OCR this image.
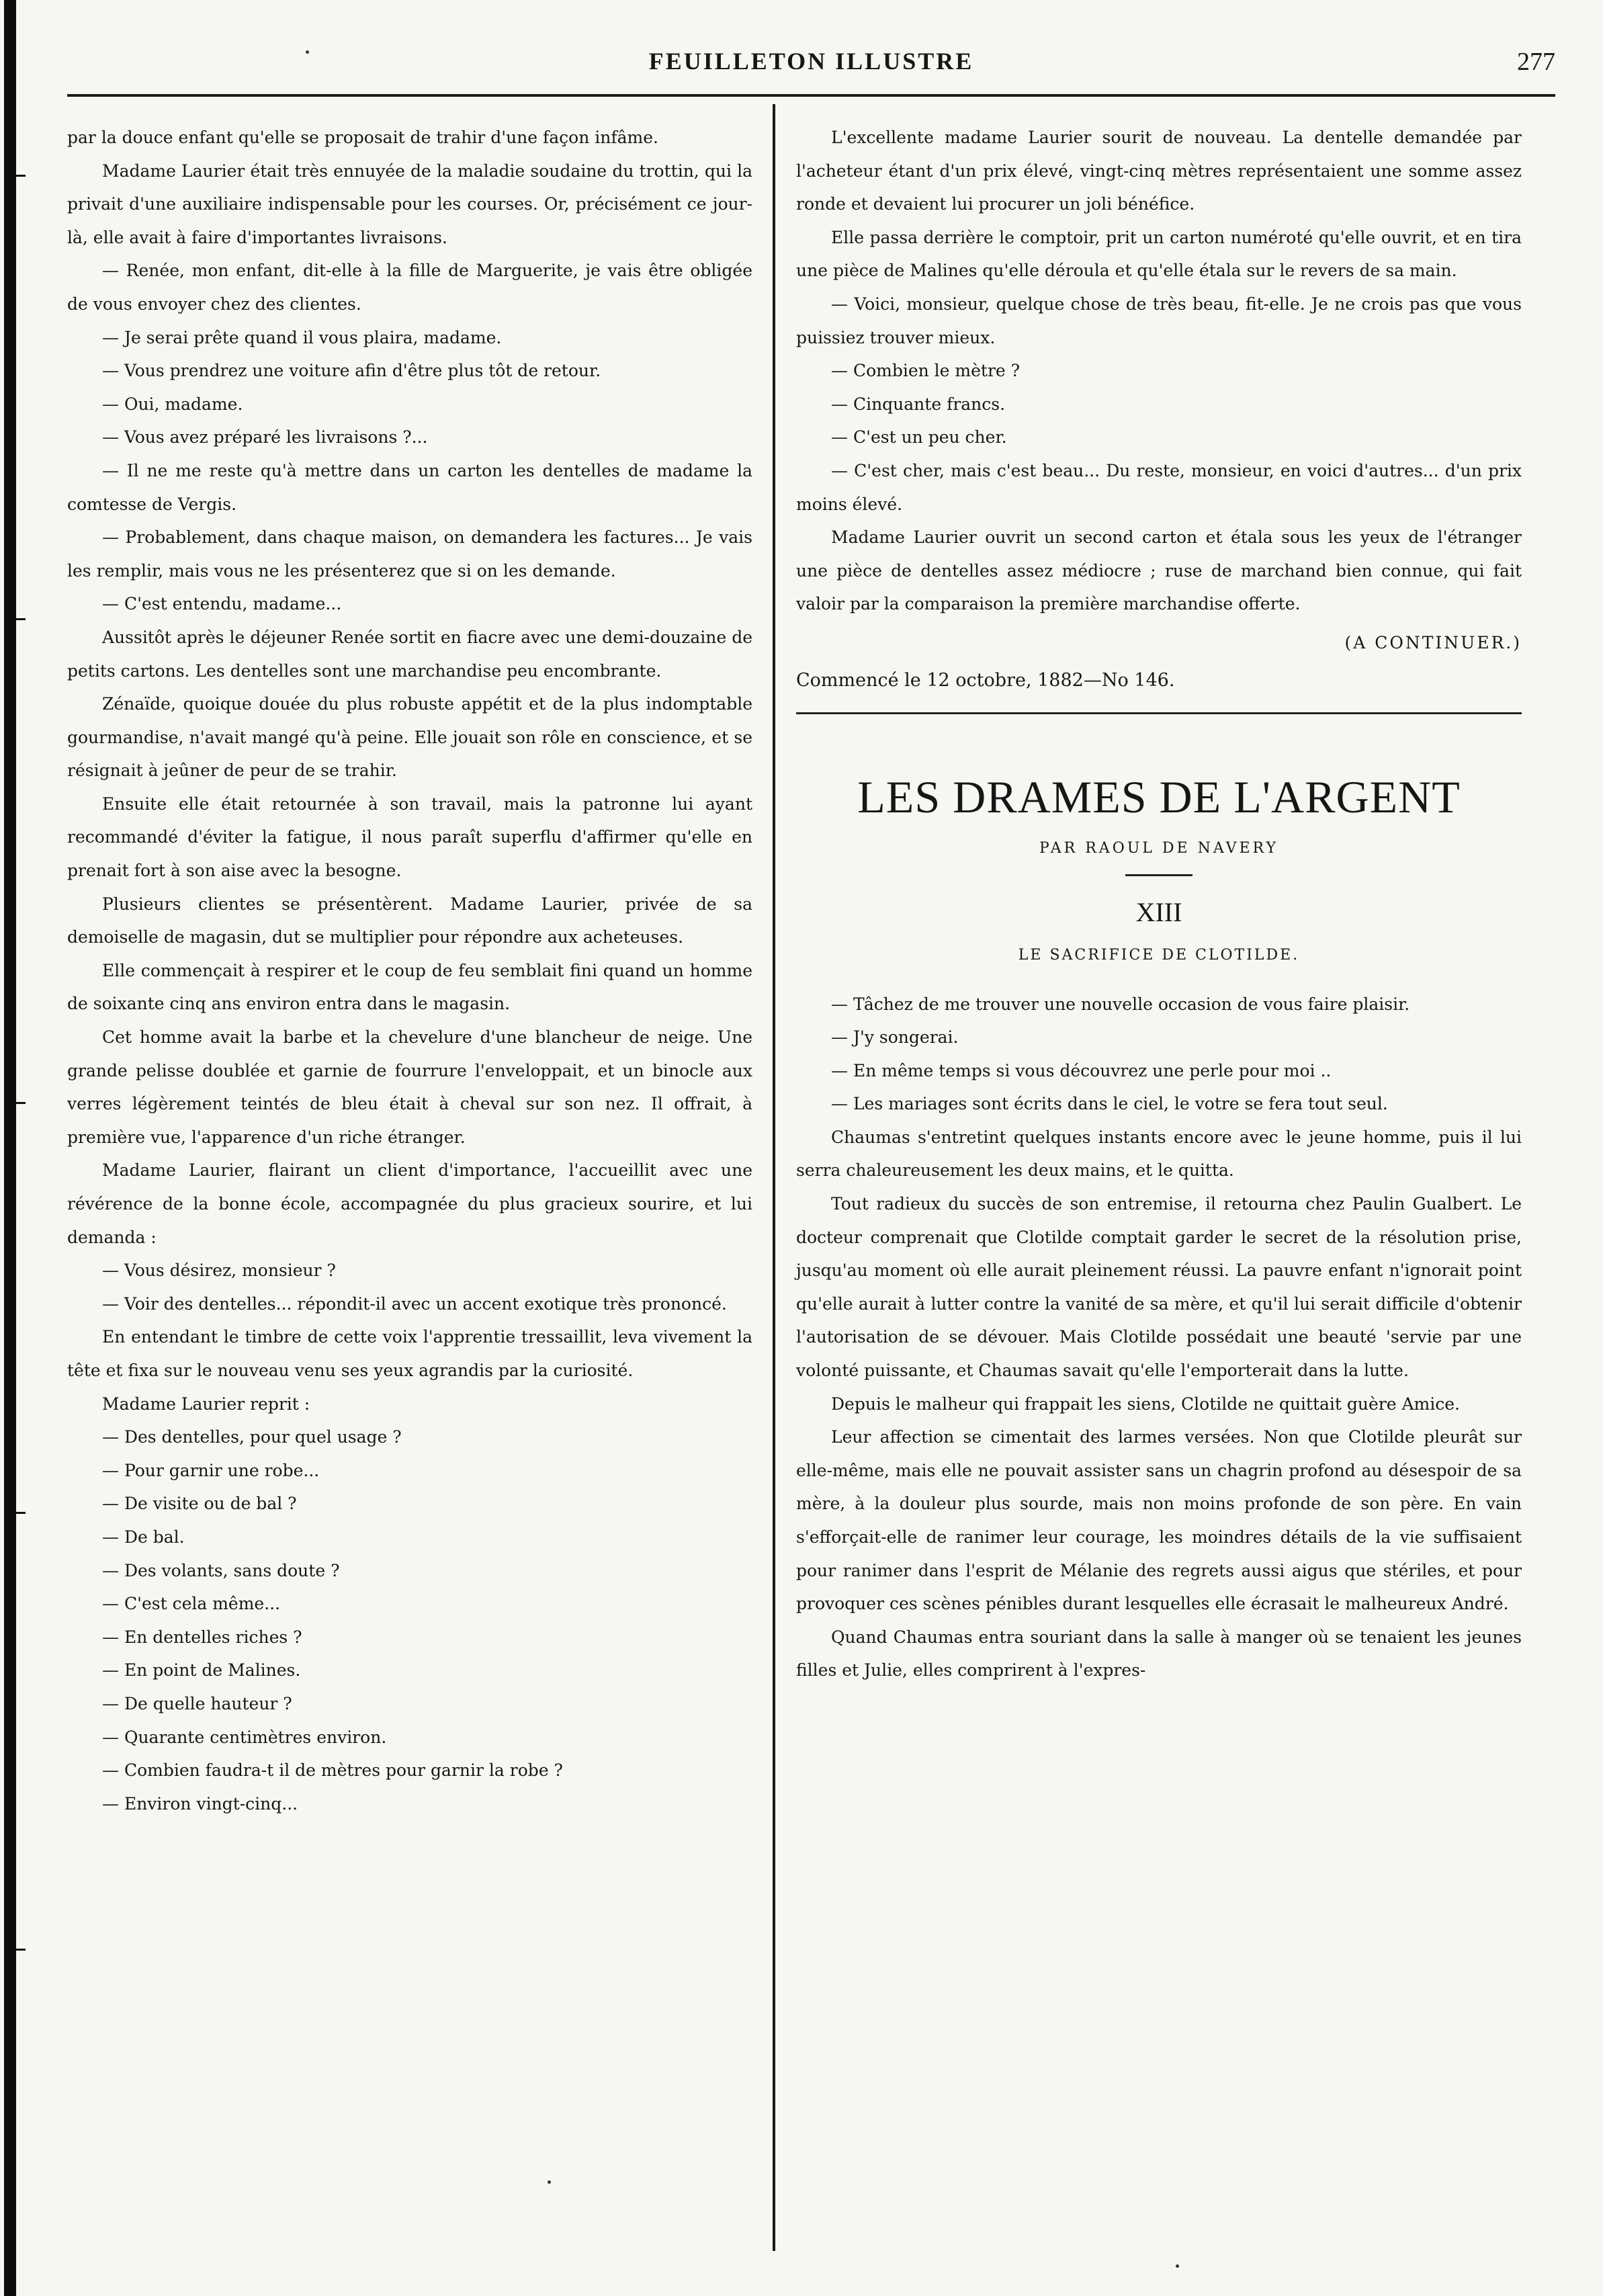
FEUILLETON ILLUSTRE	277

par la douce enfant qu'elle se proposait de trahir d'une façon infâme.

Madame Laurier était très ennuyée de la maladie soudaine du trottin, qui la privait d'une auxiliaire indispensable pour les courses. Or, précisément ce jour-là, elle avait à faire d'importantes livraisons.

— Renée, mon enfant, dit-elle à la fille de Marguerite, je vais être obligée de vous envoyer chez des clientes.

— Je serai prête quand il vous plaira, madame.

— Vous prendrez une voiture afin d'être plus tôt de retour.

— Oui, madame.

— Vous avez préparé les livraisons ?...

— Il ne me reste qu'à mettre dans un carton les dentelles de madame la comtesse de Vergis.

— Probablement, dans chaque maison, on demandera les factures... Je vais les remplir, mais vous ne les présenterez que si on les demande.

— C'est entendu, madame...

Aussitôt après le déjeuner Renée sortit en fiacre avec une demi-douzaine de petits cartons. Les dentelles sont une marchandise peu encombrante.

Zénaïde, quoique douée du plus robuste appétit et de la plus indomptable gourmandise, n'avait mangé qu'à peine. Elle jouait son rôle en conscience, et se résignait à jeûner de peur de se trahir.

Ensuite elle était retournée à son travail, mais la patronne lui ayant recommandé d'éviter la fatigue, il nous paraît superflu d'affirmer qu'elle en prenait fort à son aise avec la besogne.

Plusieurs clientes se présentèrent. Madame Laurier, privée de sa demoiselle de magasin, dut se multiplier pour répondre aux acheteuses.

Elle commençait à respirer et le coup de feu semblait fini quand un homme de soixante cinq ans environ entra dans le magasin.

Cet homme avait la barbe et la chevelure d'une blancheur de neige. Une grande pelisse doublée et garnie de fourrure l'enveloppait, et un binocle aux verres légèrement teintés de bleu était à cheval sur son nez. Il offrait, à première vue, l'apparence d'un riche étranger.

Madame Laurier, flairant un client d'importance, l'accueillit avec une révérence de la bonne école, accompagnée du plus gracieux sourire, et lui demanda :

— Vous désirez, monsieur ?

— Voir des dentelles... répondit-il avec un accent exotique très prononcé.

En entendant le timbre de cette voix l'apprentie tressaillit, leva vivement la tête et fixa sur le nouveau venu ses yeux agrandis par la curiosité.

Madame Laurier reprit :

— Des dentelles, pour quel usage ?

— Pour garnir une robe...

— De visite ou de bal ?

— De bal.

— Des volants, sans doute ?

— C'est cela même...

— En dentelles riches ?

— En point de Malines.

— De quelle hauteur ?

— Quarante centimètres environ.

— Combien faudra-t il de mètres pour garnir la robe ?

— Environ vingt-cinq...

L'excellente madame Laurier sourit de nouveau. La dentelle demandée par l'acheteur étant d'un prix élevé, vingt-cinq mètres représentaient une somme assez ronde et devaient lui procurer un joli bénéfice.

Elle passa derrière le comptoir, prit un carton numéroté qu'elle ouvrit, et en tira une pièce de Malines qu'elle déroula et qu'elle étala sur le revers de sa main.

— Voici, monsieur, quelque chose de très beau, fit-elle. Je ne crois pas que vous puissiez trouver mieux.

— Combien le mètre ?

— Cinquante francs.

— C'est un peu cher.

— C'est cher, mais c'est beau... Du reste, monsieur, en voici d'autres... d'un prix moins élevé.

Madame Laurier ouvrit un second carton et étala sous les yeux de l'étranger une pièce de dentelles assez médiocre ; ruse de marchand bien connue, qui fait valoir par la comparaison la première marchandise offerte.

(A CONTINUER.)
Commencé le 12 octobre, 1882—No 146.
LES DRAMES DE L'ARGENT
PAR RAOUL DE NAVERY
XIII
LE SACRIFICE DE CLOTILDE.

— Tâchez de me trouver une nouvelle occasion de vous faire plaisir.

— J'y songerai.

— En même temps si vous découvrez une perle pour moi ..

— Les mariages sont écrits dans le ciel, le votre se fera tout seul.

Chaumas s'entretint quelques instants encore avec le jeune homme, puis il lui serra chaleureusement les deux mains, et le quitta.

Tout radieux du succès de son entremise, il retourna chez Paulin Gualbert. Le docteur comprenait que Clotilde comptait garder le secret de la résolution prise, jusqu'au moment où elle aurait pleinement réussi. La pauvre enfant n'ignorait point qu'elle aurait à lutter contre la vanité de sa mère, et qu'il lui serait difficile d'obtenir l'autorisation de se dévouer. Mais Clotilde possédait une beauté 'servie par une volonté puissante, et Chaumas savait qu'elle l'emporterait dans la lutte.

Depuis le malheur qui frappait les siens, Clotilde ne quittait guère Amice.

Leur affection se cimentait des larmes versées. Non que Clotilde pleurât sur elle-même, mais elle ne pouvait assister sans un chagrin profond au désespoir de sa mère, à la douleur plus sourde, mais non moins profonde de son père. En vain s'efforçait-elle de ranimer leur courage, les moindres détails de la vie suffisaient pour ranimer dans l'esprit de Mélanie des regrets aussi aigus que stériles, et pour provoquer ces scènes pénibles durant lesquelles elle écrasait le malheureux André.

Quand Chaumas entra souriant dans la salle à manger où se tenaient les jeunes filles et Julie, elles comprirent à l'expres-
